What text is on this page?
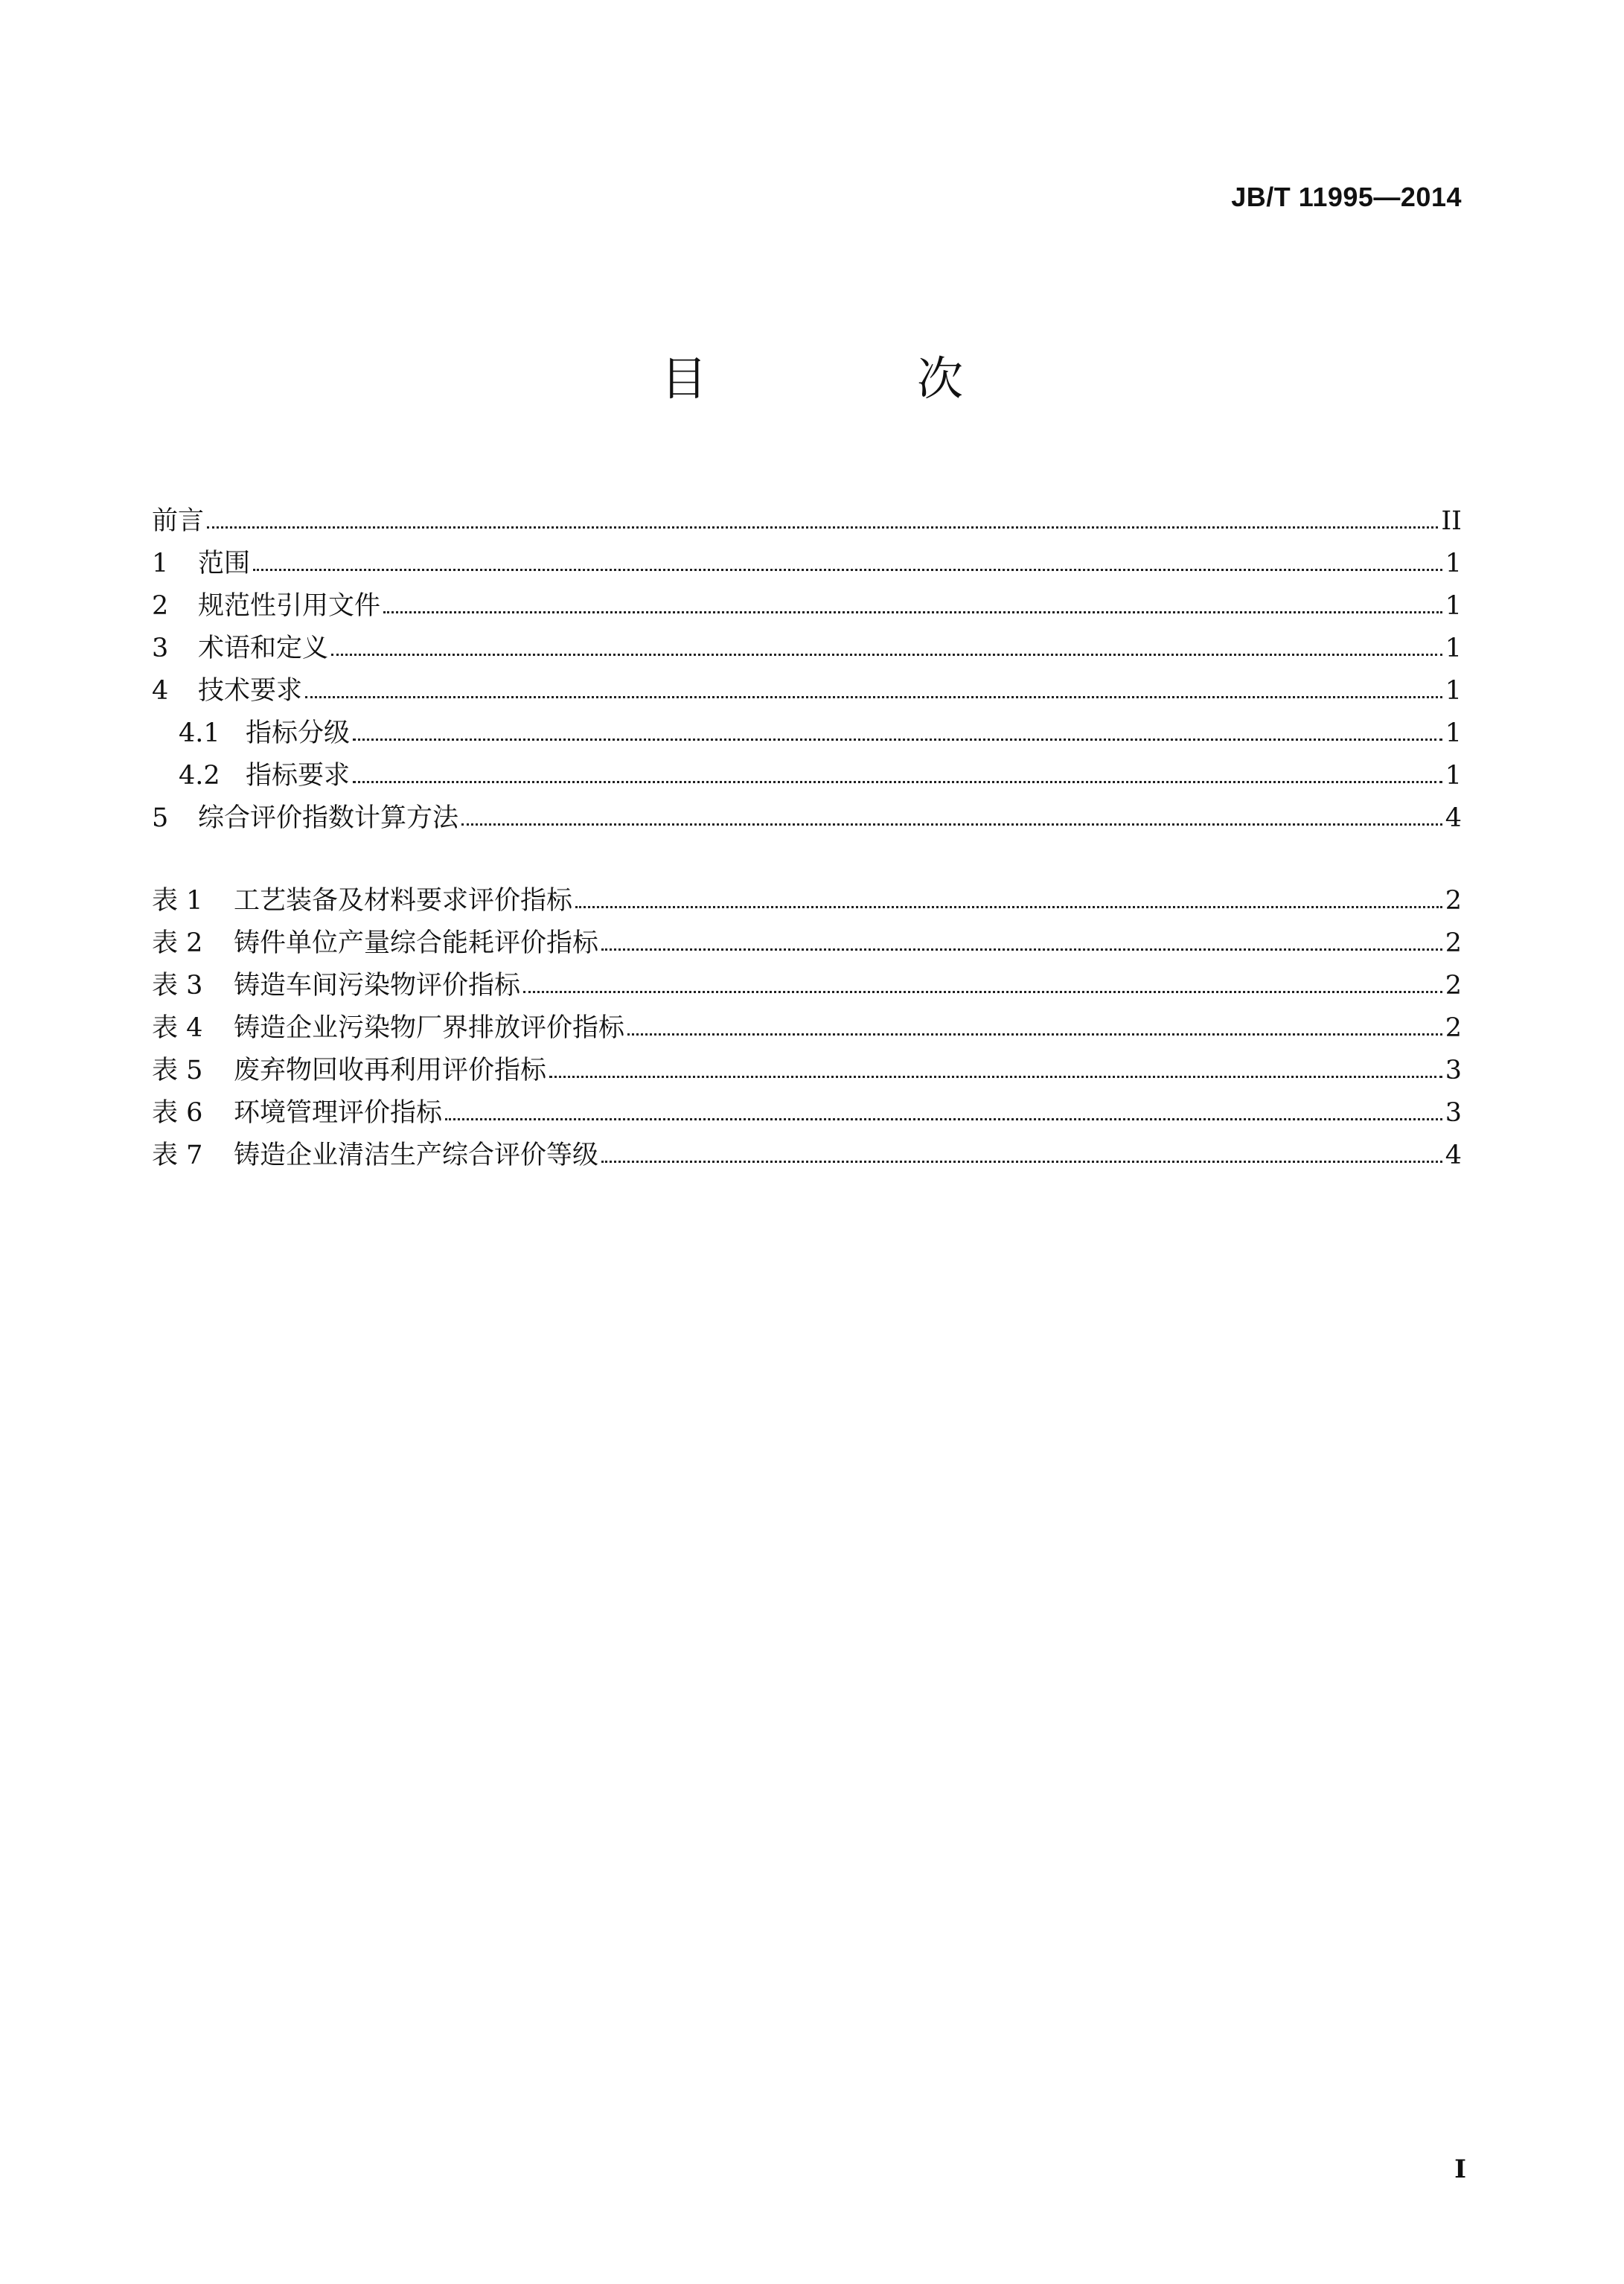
JB/T 11995—2014
目　次
前言	II
1	范围	1
2	规范性引用文件	1
3	术语和定义	1
4	技术要求	1
4.1 指标分级	1
4.2 指标要求	1
5	综合评价指数计算方法	4
表 1	工艺装备及材料要求评价指标	2
表 2	铸件单位产量综合能耗评价指标	2
表 3	铸造车间污染物评价指标	2
表 4	铸造企业污染物厂界排放评价指标	2
表 5	废弃物回收再利用评价指标	3
表 6	环境管理评价指标	3
表 7	铸造企业清洁生产综合评价等级	4
I
